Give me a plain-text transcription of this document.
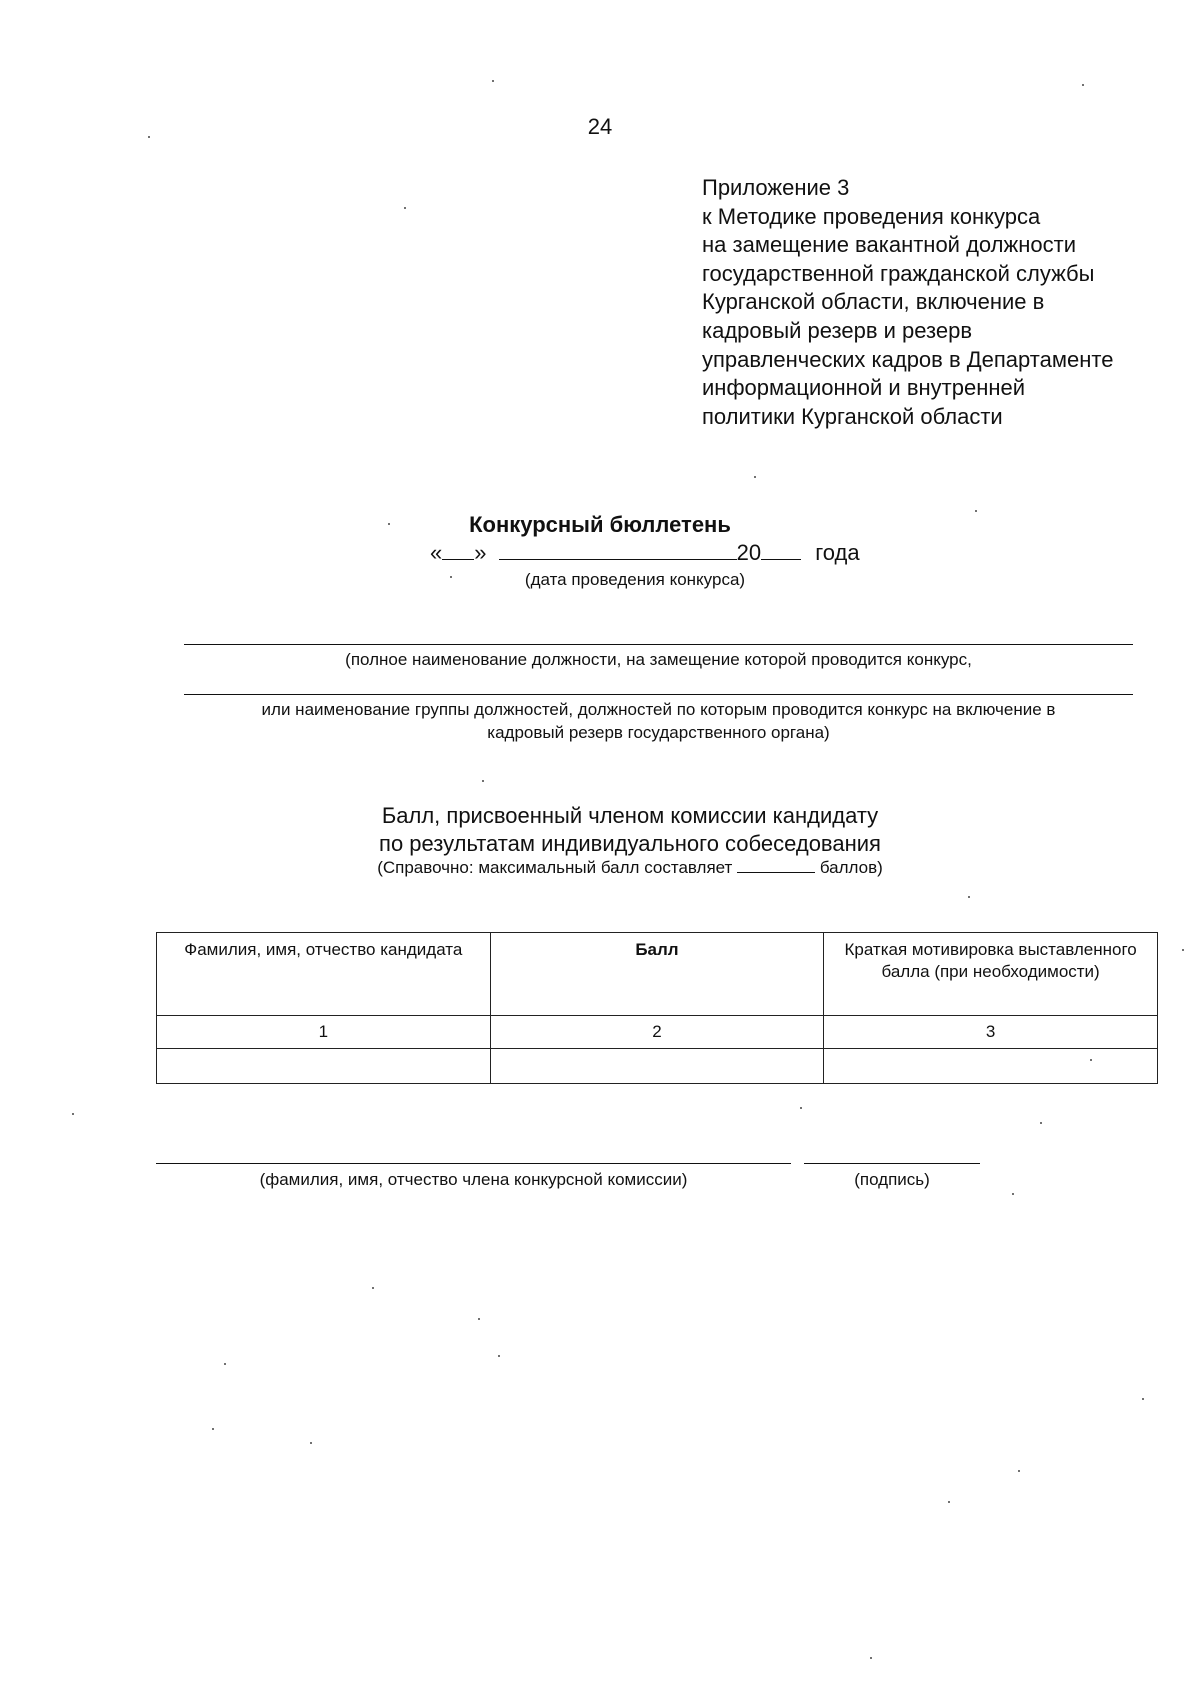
24
Приложение 3
к Методике проведения конкурса
на замещение вакантной должности
государственной гражданской службы
Курганской области, включение в
кадровый резерв и резерв
управленческих кадров в Департаменте
информационной и внутренней
политики Курганской области
Конкурсный бюллетень
« »	20 года
(дата проведения конкурса)
(полное наименование должности, на замещение которой проводится конкурс,
или наименование группы должностей, должностей по которым проводится конкурс на включение в
кадровый резерв государственного органа)
Балл, присвоенный членом комиссии кандидату
по результатам индивидуального собеседования
(Справочно: максимальный балл составляет	баллов)
Фамилия, имя, отчество кандидата	Балл	Краткая мотивировка выставленного балла (при необходимости)
1	2	3

(фамилия, имя, отчество члена конкурсной комиссии)	(подпись)
